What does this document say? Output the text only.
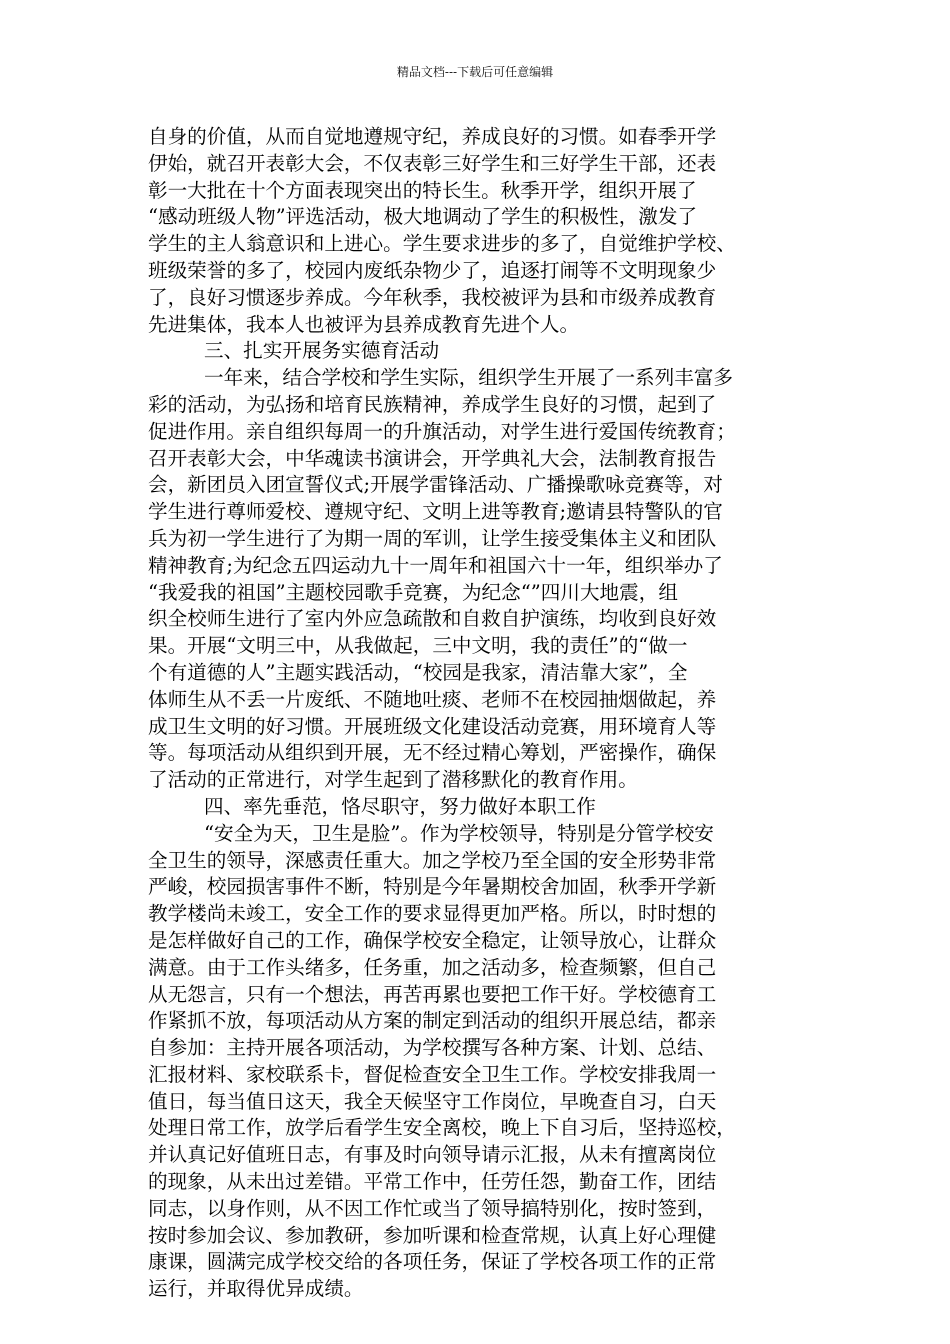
精品文档---下载后可任意编辑
自身的价值，从而自觉地遵规守纪，养成良好的习惯。如春季开学
伊始，就召开表彰大会，不仅表彰三好学生和三好学生干部，还表
彰一大批在十个方面表现突出的特长生。秋季开学，组织开展了
“感动班级人物”评选活动，极大地调动了学生的积极性，激发了
学生的主人翁意识和上进心。学生要求进步的多了，自觉维护学校、
班级荣誉的多了，校园内废纸杂物少了，追逐打闹等不文明现象少
了，良好习惯逐步养成。今年秋季，我校被评为县和市级养成教育
先进集体，我本人也被评为县养成教育先进个人。
三、扎实开展务实德育活动
一年来，结合学校和学生实际，组织学生开展了一系列丰富多
彩的活动，为弘扬和培育民族精神，养成学生良好的习惯，起到了
促进作用。亲自组织每周一的升旗活动，对学生进行爱国传统教育；
召开表彰大会，中华魂读书演讲会，开学典礼大会，法制教育报告
会，新团员入团宣誓仪式;开展学雷锋活动、广播操歌咏竞赛等，对
学生进行尊师爱校、遵规守纪、文明上进等教育;邀请县特警队的官
兵为初一学生进行了为期一周的军训，让学生接受集体主义和团队
精神教育;为纪念五四运动九十一周年和祖国六十一年，组织举办了
“我爱我的祖国”主题校园歌手竞赛，为纪念“”四川大地震，组
织全校师生进行了室内外应急疏散和自救自护演练，均收到良好效
果。开展“文明三中，从我做起，三中文明，我的责任”的“做一
个有道德的人”主题实践活动，“校园是我家，清洁靠大家”，全
体师生从不丢一片废纸、不随地吐痰、老师不在校园抽烟做起，养
成卫生文明的好习惯。开展班级文化建设活动竞赛，用环境育人等
等。每项活动从组织到开展，无不经过精心筹划，严密操作，确保
了活动的正常进行，对学生起到了潜移默化的教育作用。
四、率先垂范，恪尽职守，努力做好本职工作
“安全为天，卫生是脸”。作为学校领导，特别是分管学校安
全卫生的领导，深感责任重大。加之学校乃至全国的安全形势非常
严峻，校园损害事件不断，特别是今年暑期校舍加固，秋季开学新
教学楼尚未竣工，安全工作的要求显得更加严格。所以，时时想的
是怎样做好自己的工作，确保学校安全稳定，让领导放心，让群众
满意。由于工作头绪多，任务重，加之活动多，检查频繁，但自己
从无怨言，只有一个想法，再苦再累也要把工作干好。学校德育工
作紧抓不放，每项活动从方案的制定到活动的组织开展总结，都亲
自参加：主持开展各项活动，为学校撰写各种方案、计划、总结、
汇报材料、家校联系卡，督促检查安全卫生工作。学校安排我周一
值日，每当值日这天，我全天候坚守工作岗位，早晚查自习，白天
处理日常工作，放学后看学生安全离校，晚上下自习后，坚持巡校，
并认真记好值班日志，有事及时向领导请示汇报，从未有擅离岗位
的现象，从未出过差错。平常工作中，任劳任怨，勤奋工作，团结
同志，以身作则，从不因工作忙或当了领导搞特别化，按时签到，
按时参加会议、参加教研，参加听课和检查常规，认真上好心理健
康课，圆满完成学校交给的各项任务，保证了学校各项工作的正常
运行，并取得优异成绩。
